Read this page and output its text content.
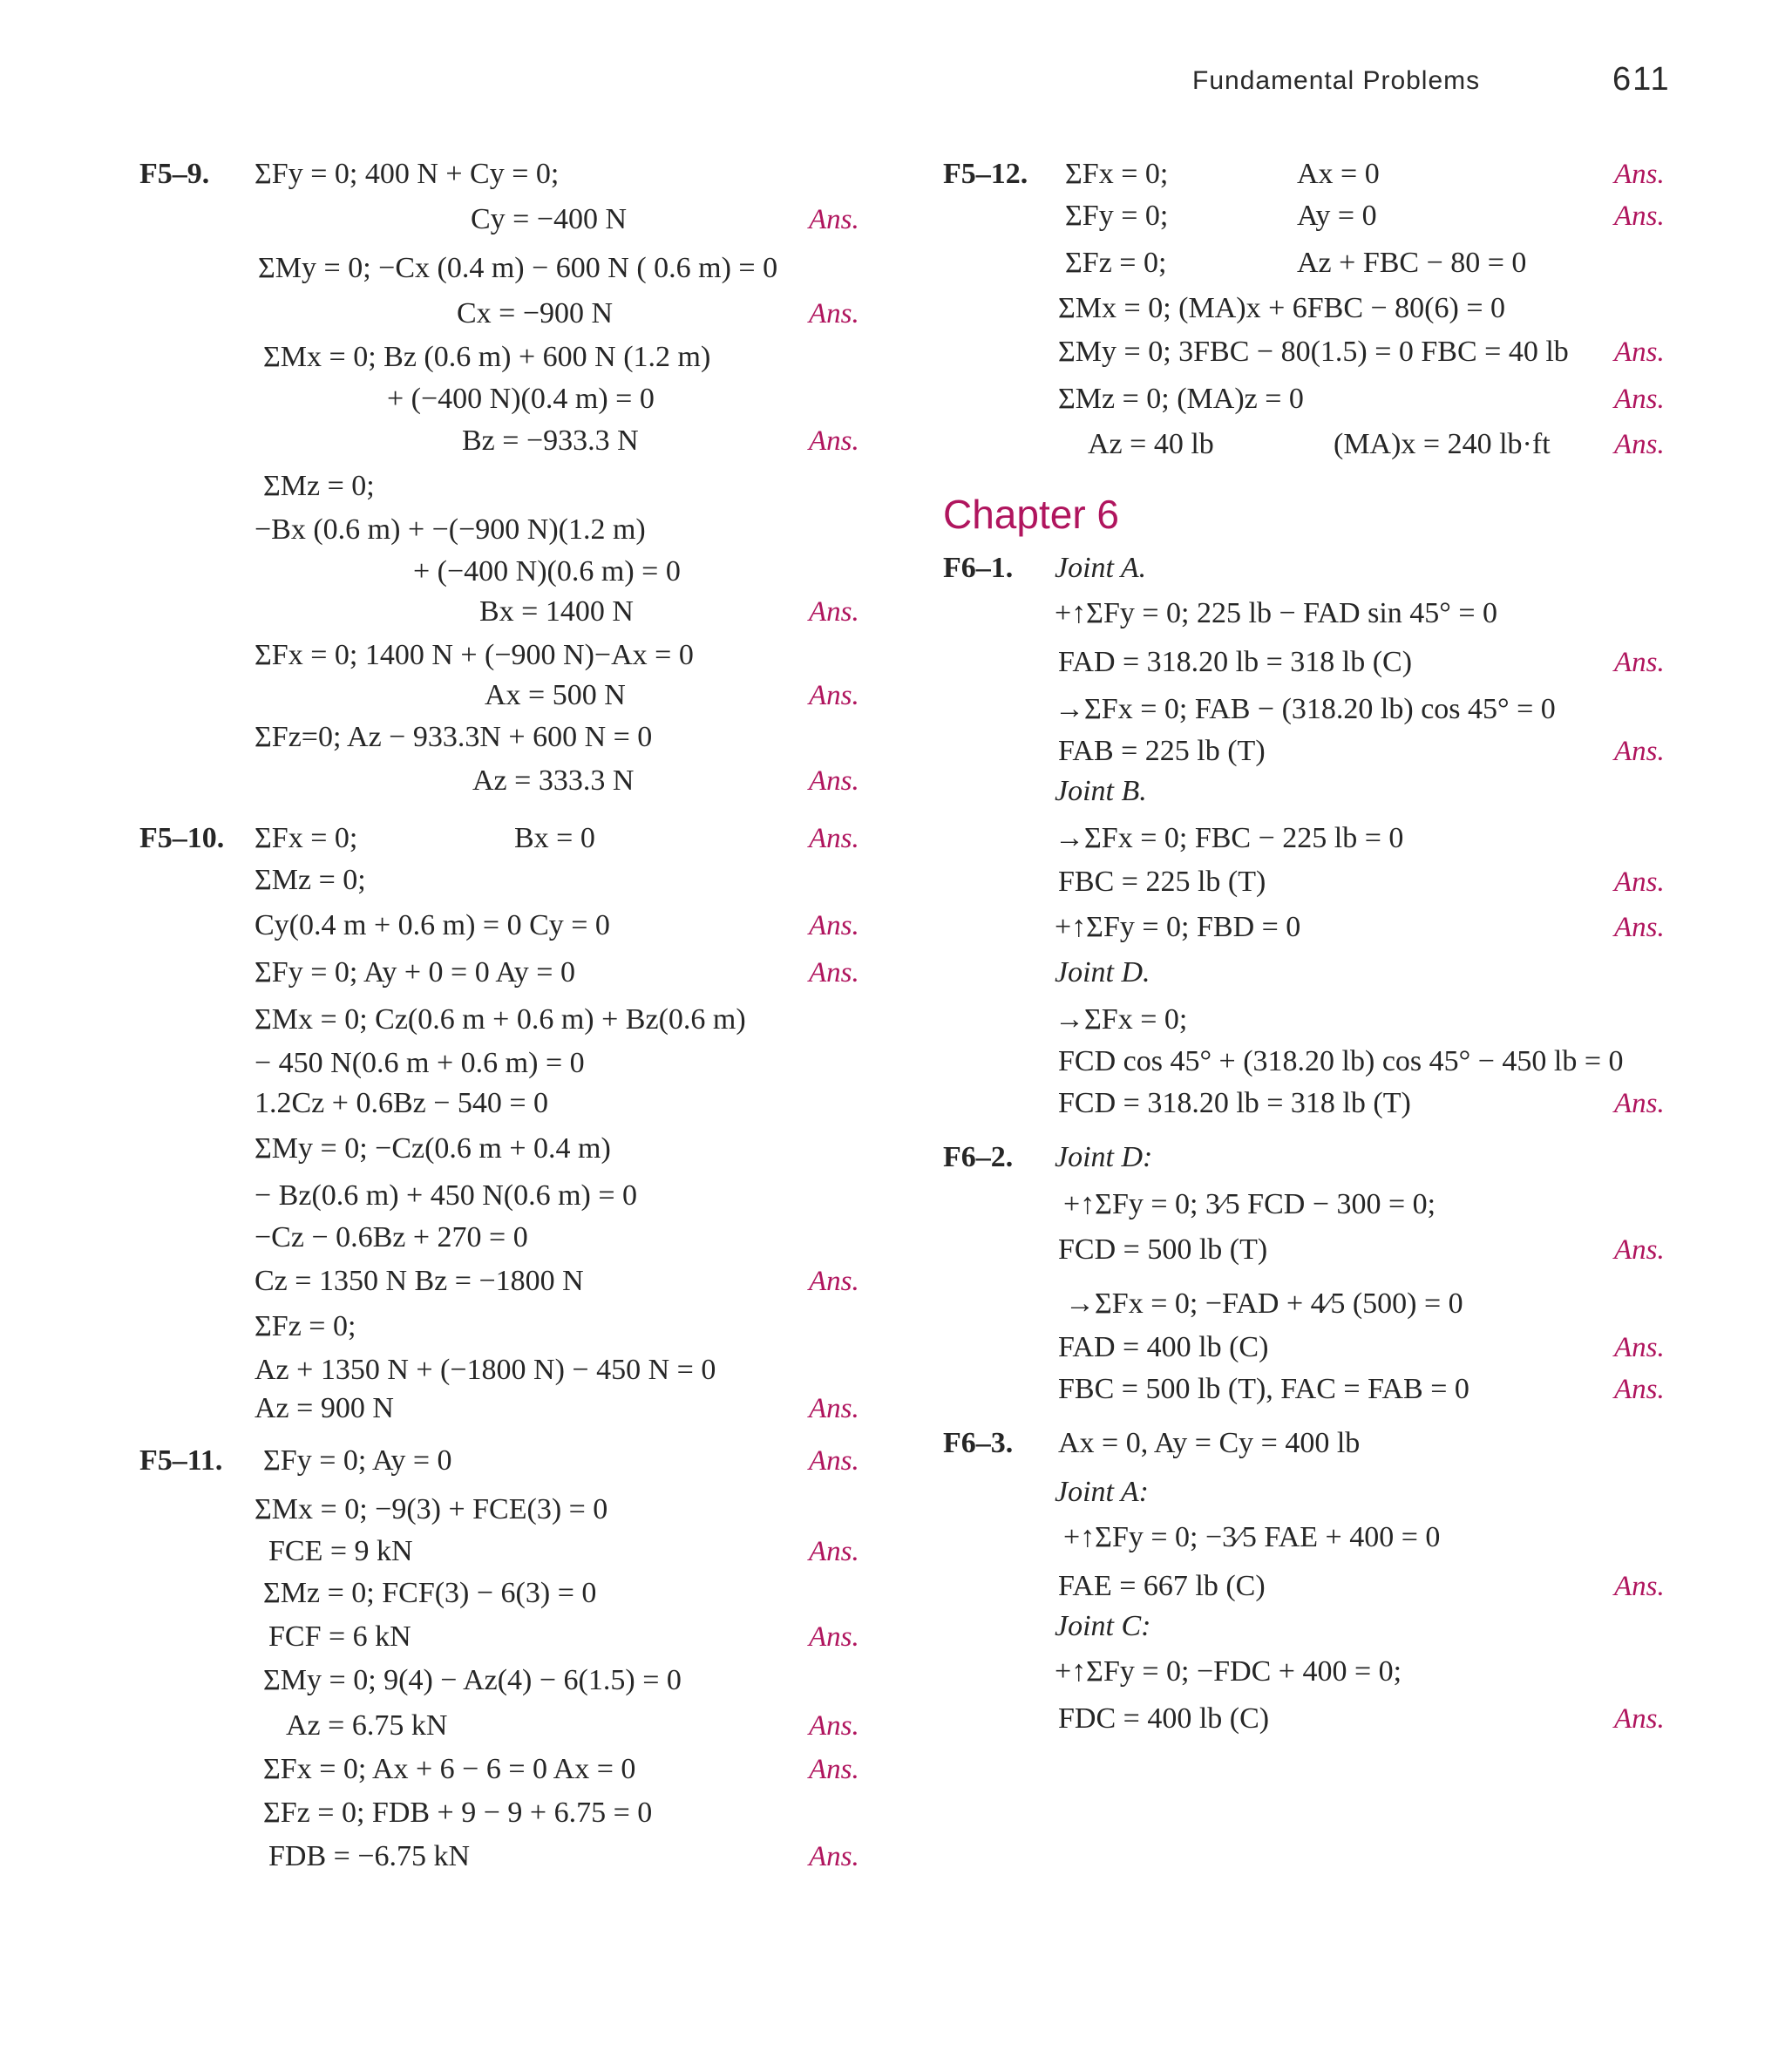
Fundamental Problems	611
F5–9. ΣFy = 0; 400 N + Cy = 0;
Cy = −400 N	Ans.
ΣMy = 0; −Cx (0.4 m) − 600 N ( 0.6 m) = 0
Cx = −900 N	Ans.
ΣMx = 0; Bz (0.6 m) + 600 N (1.2 m)
+ (−400 N)(0.4 m) = 0
Bz = −933.3 N	Ans.
ΣMz = 0;
−Bx (0.6 m) + −(−900 N)(1.2 m)
+ (−400 N)(0.6 m) = 0
Bx = 1400 N	Ans.
ΣFx = 0; 1400 N + (−900 N)−Ax = 0
Ax = 500 N	Ans.
ΣFz=0; Az − 933.3N + 600 N = 0
Az = 333.3 N	Ans.
F5–10. ΣFx = 0;	Bx = 0	Ans.
ΣMz = 0;
Cy(0.4 m + 0.6 m) = 0 Cy = 0	Ans.
ΣFy = 0; Ay + 0 = 0 Ay = 0	Ans.
ΣMx = 0; Cz(0.6 m + 0.6 m) + Bz(0.6 m)
− 450 N(0.6 m + 0.6 m) = 0
1.2Cz + 0.6Bz − 540 = 0
ΣMy = 0; −Cz(0.6 m + 0.4 m)
− Bz(0.6 m) + 450 N(0.6 m) = 0
−Cz − 0.6Bz + 270 = 0
Cz = 1350 N Bz = −1800 N	Ans.
ΣFz = 0;
Az + 1350 N + (−1800 N) − 450 N = 0
Az = 900 N	Ans.
F5–11. ΣFy = 0; Ay = 0	Ans.
ΣMx = 0; −9(3) + FCE(3) = 0
FCE = 9 kN	Ans.
ΣMz = 0; FCF(3) − 6(3) = 0
FCF = 6 kN	Ans.
ΣMy = 0; 9(4) − Az(4) − 6(1.5) = 0
Az = 6.75 kN	Ans.
ΣFx = 0; Ax + 6 − 6 = 0 Ax = 0	Ans.
ΣFz = 0; FDB + 9 − 9 + 6.75 = 0
FDB = −6.75 kN	Ans.
F5–12. ΣFx = 0;	Ax = 0	Ans.
ΣFy = 0;	Ay = 0	Ans.
ΣFz = 0;	Az + FBC − 80 = 0
ΣMx = 0; (MA)x + 6FBC − 80(6) = 0
ΣMy = 0; 3FBC − 80(1.5) = 0 FBC = 40 lb Ans.
ΣMz = 0; (MA)z = 0	Ans.
Az = 40 lb	(MA)x = 240 lb·ft Ans.
Chapter 6
F6–1. Joint A.
+↑ΣFy = 0; 225 lb − FAD sin 45° = 0
FAD = 318.20 lb = 318 lb (C)	Ans.
→ΣFx = 0; FAB − (318.20 lb) cos 45° = 0
FAB = 225 lb (T)	Ans.
Joint B.
→ΣFx = 0; FBC − 225 lb = 0
FBC = 225 lb (T)	Ans.
+↑ΣFy = 0; FBD = 0	Ans.
Joint D.
→ΣFx = 0;
FCD cos 45° + (318.20 lb) cos 45° − 450 lb = 0
FCD = 318.20 lb = 318 lb (T)	Ans.
F6–2. Joint D:
+↑ΣFy = 0; 3⁄5 FCD − 300 = 0;
FCD = 500 lb (T)	Ans.
→ΣFx = 0; −FAD + 4⁄5 (500) = 0
FAD = 400 lb (C)	Ans.
FBC = 500 lb (T), FAC = FAB = 0	Ans.
F6–3. Ax = 0, Ay = Cy = 400 lb
Joint A:
+↑ΣFy = 0; −3⁄5 FAE + 400 = 0
FAE = 667 lb (C)	Ans.
Joint C:
+↑ΣFy = 0; −FDC + 400 = 0;
FDC = 400 lb (C)	Ans.
